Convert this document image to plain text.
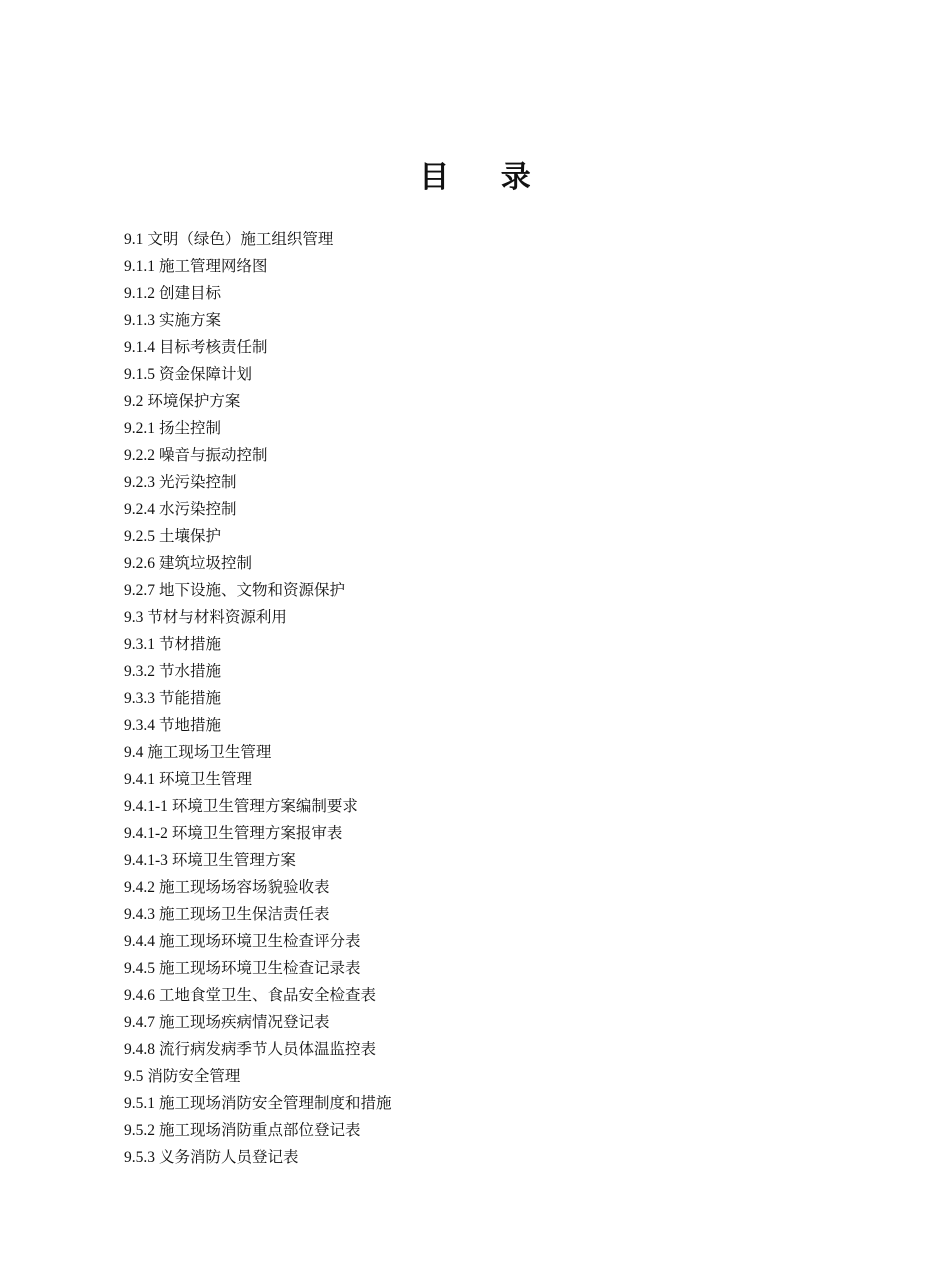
目 录
9.1 文明（绿色）施工组织管理
9.1.1 施工管理网络图
9.1.2 创建目标
9.1.3 实施方案
9.1.4 目标考核责任制
9.1.5 资金保障计划
9.2 环境保护方案
9.2.1 扬尘控制
9.2.2 噪音与振动控制
9.2.3 光污染控制
9.2.4 水污染控制
9.2.5 土壤保护
9.2.6 建筑垃圾控制
9.2.7 地下设施、文物和资源保护
9.3 节材与材料资源利用
9.3.1 节材措施
9.3.2 节水措施
9.3.3 节能措施
9.3.4 节地措施
9.4 施工现场卫生管理
9.4.1 环境卫生管理
9.4.1-1 环境卫生管理方案编制要求
9.4.1-2 环境卫生管理方案报审表
9.4.1-3 环境卫生管理方案
9.4.2 施工现场场容场貌验收表
9.4.3 施工现场卫生保洁责任表
9.4.4 施工现场环境卫生检查评分表
9.4.5 施工现场环境卫生检查记录表
9.4.6 工地食堂卫生、食品安全检查表
9.4.7 施工现场疾病情况登记表
9.4.8 流行病发病季节人员体温监控表
9.5 消防安全管理
9.5.1 施工现场消防安全管理制度和措施
9.5.2 施工现场消防重点部位登记表
9.5.3 义务消防人员登记表
